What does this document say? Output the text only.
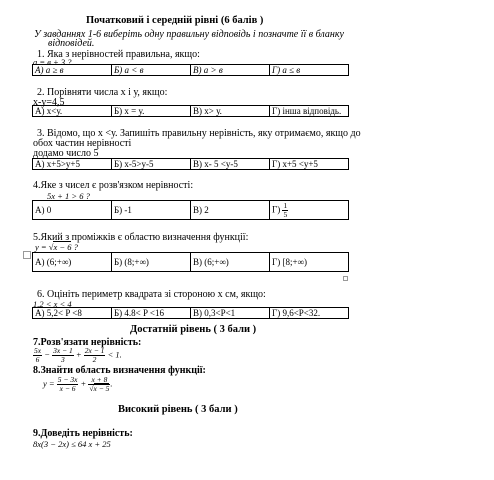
Початковий і середній рівні (6 балів )
У завданнях 1-6 виберіть одну правильну відповідь і позначте її в бланку
відповідей.
1. Яка з нерівностей правильна, якщо:
a = в + 3 ?
А) a ≥ в	Б) a < в	В) a > в	Г) a ≤ в
2. Порівняти числа х і у, якщо:
х-у=4,5
А) х<у.	Б) х = у.	В) х> у.	Г) інша відповідь.
3. Відомо, що х <у. Запишіть правильну нерівність, яку отримаємо, якщо до
обох частин нерівності
додамо число 5
А) х+5>у+5	Б) х-5>у-5	В) х- 5 <у-5	Г) х+5 <у+5
4.Яке з чисел є розв'язком нерівності:
5x + 1 > 6 ?
А) 0	Б) -1	В) 2	$Г) \frac{1}{5}$
5.Який з проміжків є областю визначення функції:
y = √x − 6 ?
А) (6;+∞)	Б) (8;+∞)	В) (6;+∞)	Г) [8;+∞)
6. Оцініть периметр квадрата зі стороною х см, якщо:
1.2 < x < 4
А) 5,2< P <8	Б) 4.8< P <16	В) 0,3<P<1	Г) 9,6<P<32.
Достатній рівень ( 3 бали )
7.Розв'язати нерівність:
$\frac{5x}{6} - \frac{3x - 1}{3} + \frac{2x - 1}{2} < 1$.
8.Знайти область визначення функції:
$y = \frac{5 - 3x}{x - 6} + \frac{x + 8}{√x - 5}$ .
Високий рівень ( 3 бали )
9.Доведіть нерівність:
8x(3 − 2x) ≤ 64 x + 25
